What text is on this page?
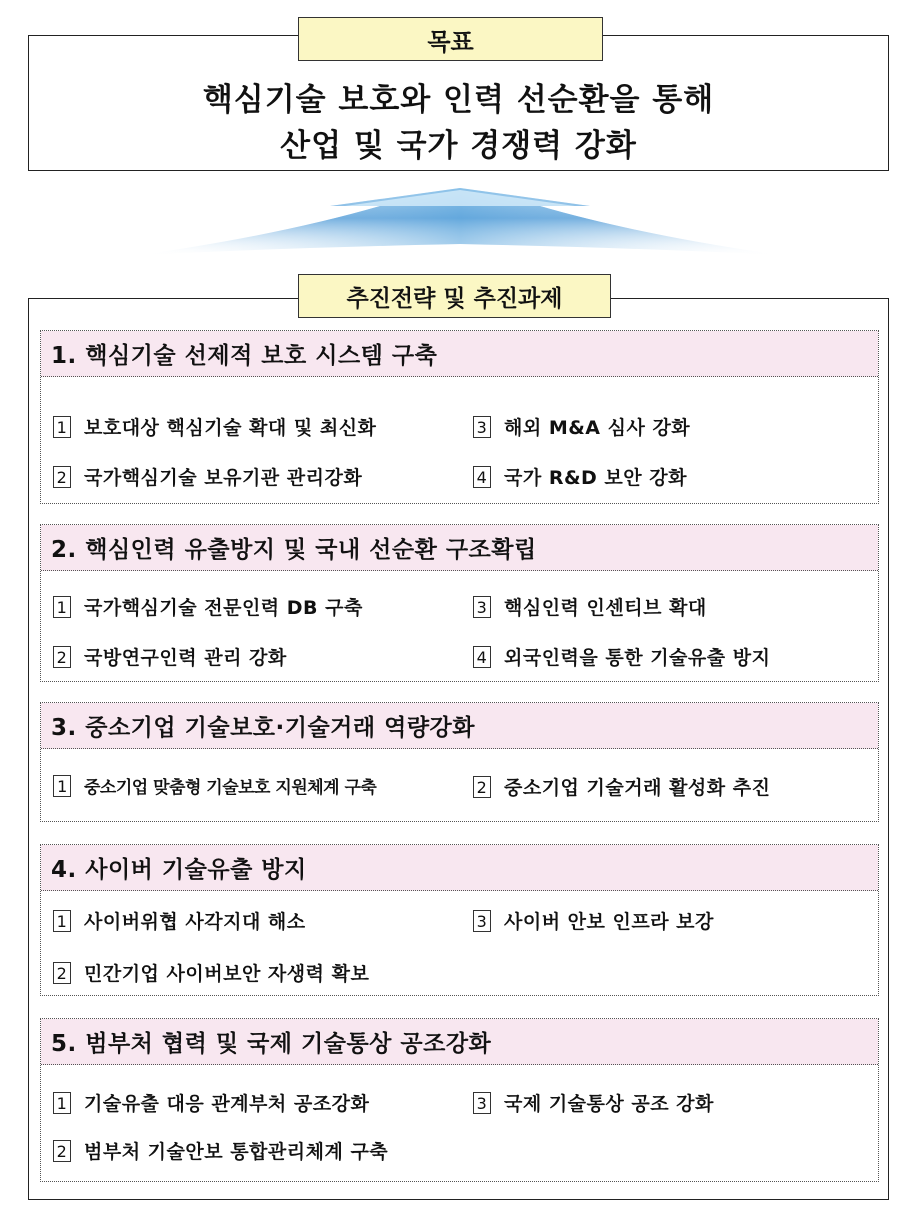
핵심기술 보호와 인력 선순환을 통해
산업 및 국가 경쟁력 강화
목표
추진전략 및 추진과제
1. 핵심기술 선제적 보호 시스템 구축
1 보호대상 핵심기술 확대 및 최신화
2 국가핵심기술 보유기관 관리강화
3 해외 M&A 심사 강화
4 국가 R&D 보안 강화
2. 핵심인력 유출방지 및 국내 선순환 구조확립
1 국가핵심기술 전문인력 DB 구축
2 국방연구인력 관리 강화
3 핵심인력 인센티브 확대
4 외국인력을 통한 기술유출 방지
3. 중소기업 기술보호·기술거래 역량강화
1 중소기업 맞춤형 기술보호 지원체계 구축	2 중소기업 기술거래 활성화 추진
4. 사이버 기술유출 방지
1 사이버위협 사각지대 해소
2 민간기업 사이버보안 자생력 확보
3 사이버 안보 인프라 보강
5. 범부처 협력 및 국제 기술통상 공조강화
1 기술유출 대응 관계부처 공조강화
2 범부처 기술안보 통합관리체계 구축
3 국제 기술통상 공조 강화
